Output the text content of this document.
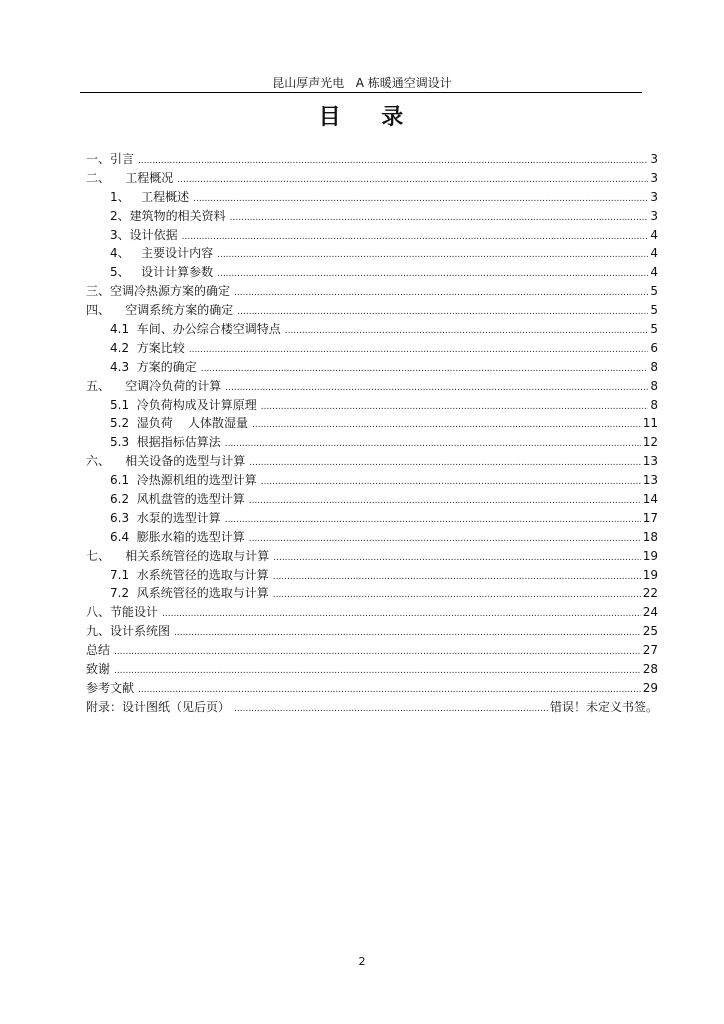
昆山厚声光电   A 栋暖通空调设计
目    录
一、引言 .....	3
二、    工程概况 .....	3
1、   工程概述 .....	3
2、建筑物的相关资料 .....	3
3、设计依据 .....	4
4、   主要设计内容 .....	4
5、   设计计算参数 .....	4
三、空调冷热源方案的确定 .....	5
四、    空调系统方案的确定 .....	5
4.1  车间、办公综合楼空调特点 .....	5
4.2  方案比较 .....	6
4.3  方案的确定 .....	8
五、    空调冷负荷的计算 .....	8
5.1  冷负荷构成及计算原理 .....	8
5.2  湿负荷    人体散湿量 .....	11
5.3  根据指标估算法 .....	12
六、    相关设备的选型与计算 .....	13
6.1  冷热源机组的选型计算 .....	13
6.2  风机盘管的选型计算 .....	14
6.3  水泵的选型计算 .....	17
6.4  膨胀水箱的选型计算 .....	18
七、    相关系统管径的选取与计算 .....	19
7.1  水系统管径的选取与计算 .....	19
7.2  风系统管径的选取与计算 .....	22
八、节能设计 .....	24
九、设计系统图 .....	25
总结 .....	27
致谢 .....	28
参考文献 .....	29
附录：设计图纸（见后页） .....	错误！未定义书签。
2
